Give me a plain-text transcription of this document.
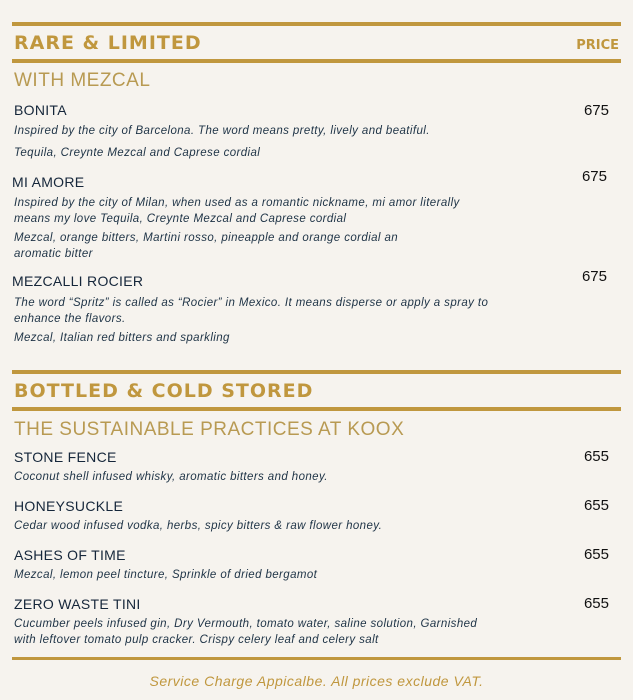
RARE & LIMITED	PRICE
WITH MEZCAL
BONITA	675
Inspired by the city of Barcelona. The word means pretty, lively and beatiful.
Tequila, Creynte Mezcal and Caprese cordial
MI AMORE	675
Inspired by the city of Milan, when used as a romantic nickname, mi amor literally means my love Tequila, Creynte Mezcal and Caprese cordial
Mezcal, orange bitters, Martini rosso, pineapple and orange cordial an aromatic bitter
MEZCALLI ROCIER	675
The word “Spritz” is called as “Rocier” in Mexico. It means disperse or apply a spray to enhance the flavors.
Mezcal, Italian red bitters and sparkling
BOTTLED & COLD STORED
THE SUSTAINABLE PRACTICES AT KOOX
STONE FENCE	655
Coconut shell infused whisky, aromatic bitters and honey.
HONEYSUCKLE	655
Cedar wood infused vodka, herbs, spicy bitters & raw flower honey.
ASHES OF TIME	655
Mezcal, lemon peel tincture, Sprinkle of dried bergamot
ZERO WASTE TINI	655
Cucumber peels infused gin, Dry Vermouth, tomato water, saline solution, Garnished with leftover tomato pulp cracker. Crispy celery leaf and celery salt
Service Charge Appicalbe. All prices exclude VAT.
